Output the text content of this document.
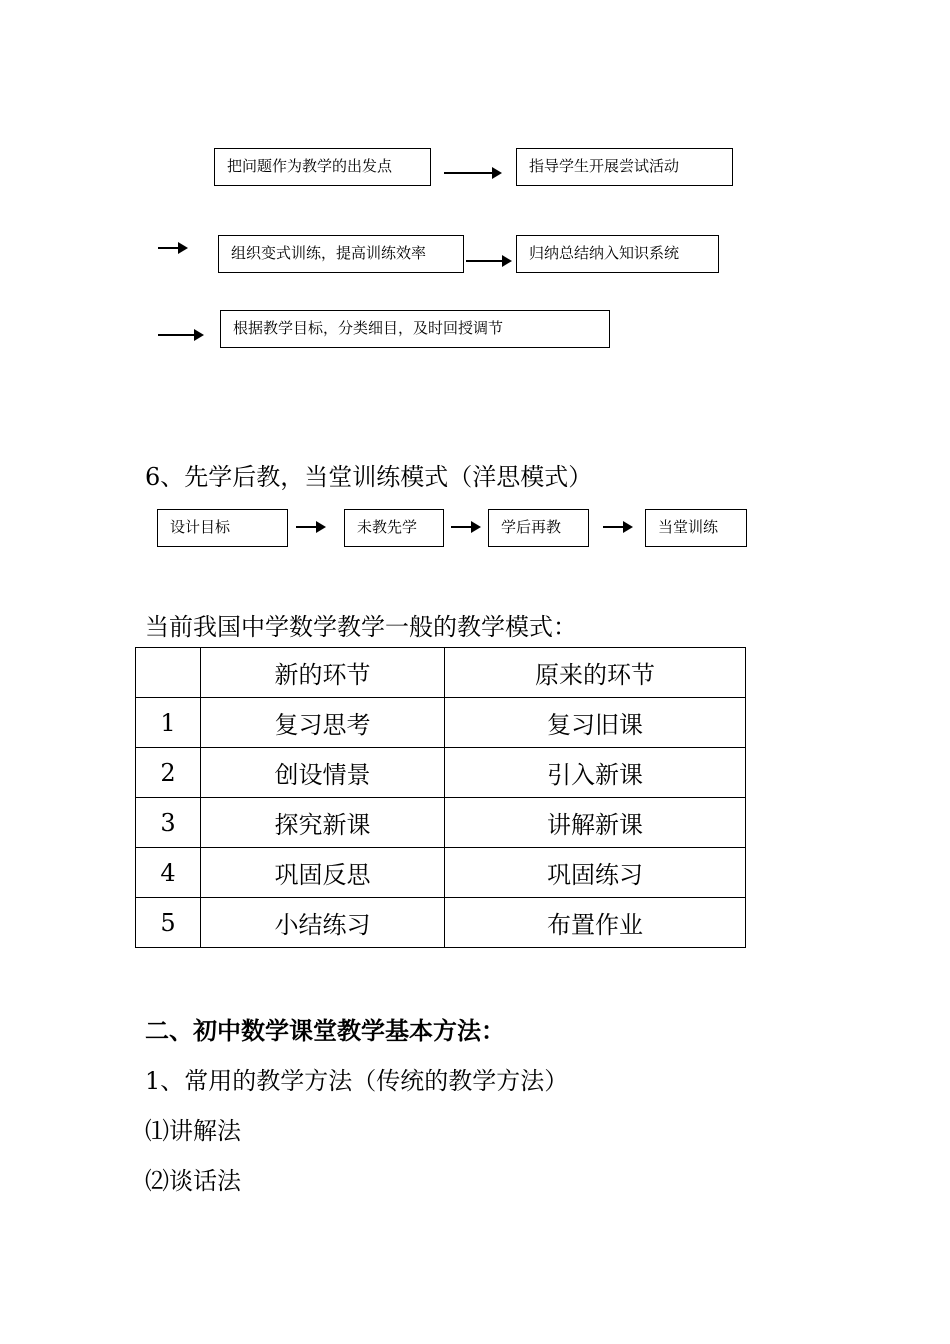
把问题作为教学的出发点	指导学生开展尝试活动
组织变式训练，提高训练效率	归纳总结纳入知识系统
根据教学目标，分类细目，及时回授调节
6、先学后教，当堂训练模式（洋思模式）
设计目标	未教先学	学后再教	当堂训练
当前我国中学数学教学一般的教学模式：
	新的环节	原来的环节
1	复习思考	复习旧课
2	创设情景	引入新课
3	探究新课	讲解新课
4	巩固反思	巩固练习
5	小结练习	布置作业
二、初中数学课堂教学基本方法：
1、常用的教学方法（传统的教学方法）
⑴讲解法
⑵谈话法
